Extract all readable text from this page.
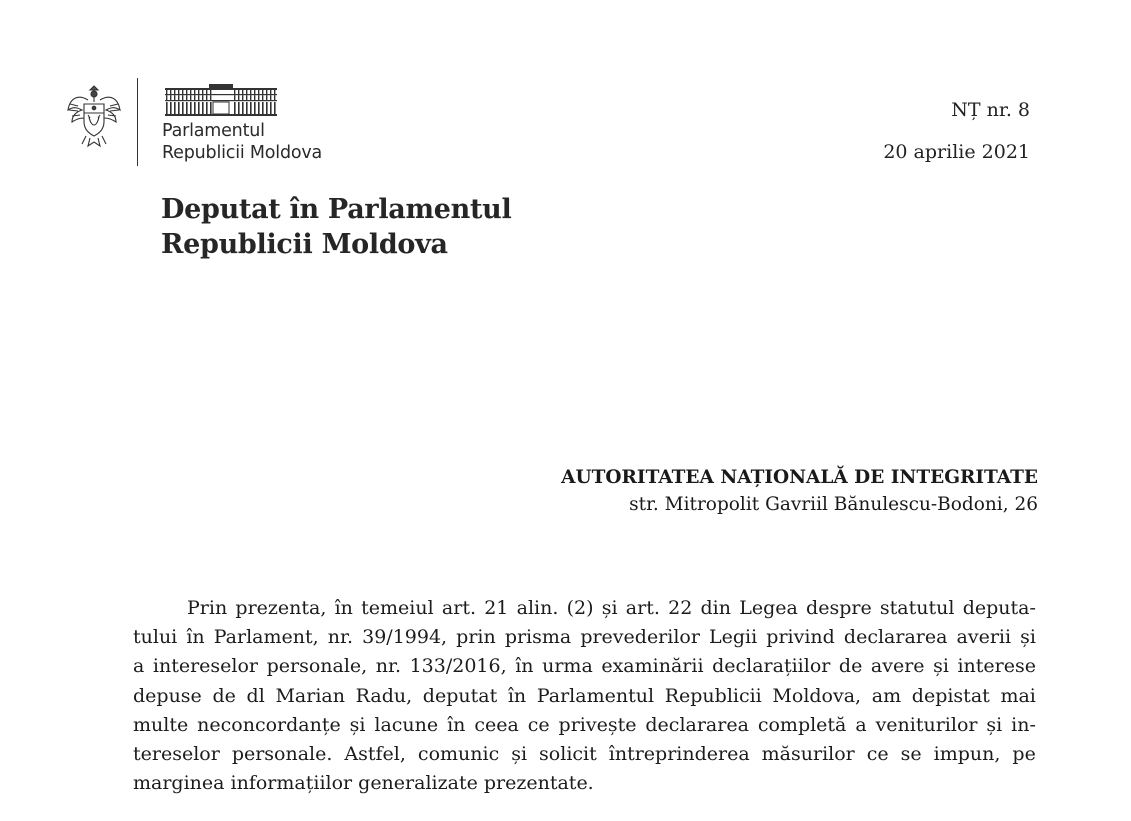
Parlamentul
Republicii Moldova
NȚ nr. 8
20 aprilie 2021
Deputat în Parlamentul
Republicii Moldova
AUTORITATEA NAȚIONALĂ DE INTEGRITATE
str. Mitropolit Gavriil Bănulescu-Bodoni, 26
Prin prezenta, în temeiul art. 21 alin. (2) și art. 22 din Legea despre statutul deputa-
tului în Parlament, nr. 39/1994, prin prisma prevederilor Legii privind declararea averii și
a intereselor personale, nr. 133/2016, în urma examinării declarațiilor de avere și interese
depuse de dl Marian Radu, deputat în Parlamentul Republicii Moldova, am depistat mai
multe neconcordanțe și lacune în ceea ce privește declararea completă a veniturilor și in-
tereselor personale. Astfel, comunic și solicit întreprinderea măsurilor ce se impun, pe
marginea informațiilor generalizate prezentate.
